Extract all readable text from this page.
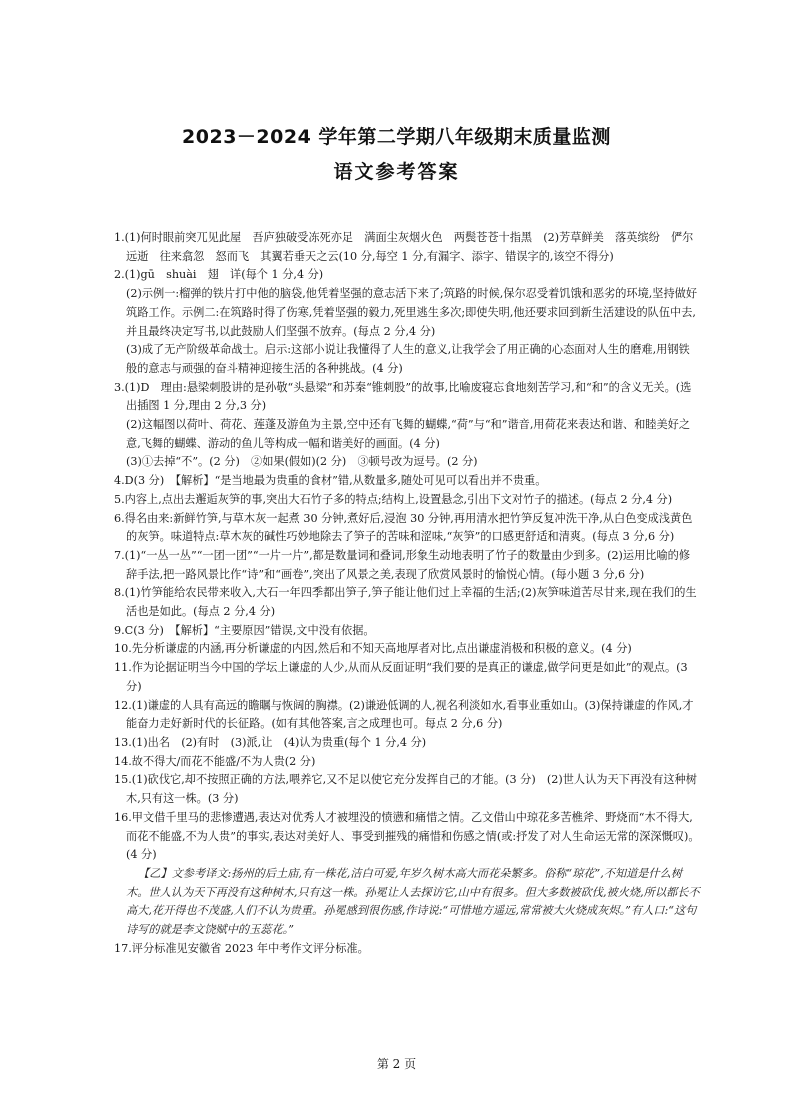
2023－2024 学年第二学期八年级期末质量监测
语文参考答案

1.(1)何时眼前突兀见此屋　吾庐独破受冻死亦足　满面尘灰烟火色　两鬓苍苍十指黑　(2)芳草鲜美　落英缤纷　俨尔远逝　往来翕忽　怒而飞　其翼若垂天之云(10 分,每空 1 分,有漏字、添字、错误字的,该空不得分)

2.(1)gū　shuài　翅　详(每个 1 分,4 分)

(2)示例一:榴弹的铁片打中他的脑袋,他凭着坚强的意志活下来了;筑路的时候,保尔忍受着饥饿和恶劣的环境,坚持做好筑路工作。示例二:在筑路时得了伤寒,凭着坚强的毅力,死里逃生多次;即使失明,他还要求回到新生活建设的队伍中去,并且最终决定写书,以此鼓励人们坚强不放弃。(每点 2 分,4 分)

(3)成了无产阶级革命战士。启示:这部小说让我懂得了人生的意义,让我学会了用正确的心态面对人生的磨难,用钢铁般的意志与顽强的奋斗精神迎接生活的各种挑战。(4 分)

3.(1)D　理由:悬梁刺股讲的是孙敬“头悬梁”和苏秦“锥刺股”的故事,比喻废寝忘食地刻苦学习,和“和”的含义无关。(选出插图 1 分,理由 2 分,3 分)

(2)这幅图以荷叶、荷花、莲蓬及游鱼为主景,空中还有飞舞的蝴蝶,“荷”与“和”谐音,用荷花来表达和谐、和睦美好之意,飞舞的蝴蝶、游动的鱼儿等构成一幅和谐美好的画面。(4 分)

(3)①去掉“不”。(2 分)　②如果(假如)(2 分)　③顿号改为逗号。(2 分)

4.D(3 分)　【解析】“是当地最为贵重的食材”错,从数量多,随处可见可以看出并不贵重。

5.内容上,点出去邂逅灰笋的事,突出大石竹子多的特点;结构上,设置悬念,引出下文对竹子的描述。(每点 2 分,4 分)

6.得名由来:新鲜竹笋,与草木灰一起煮 30 分钟,煮好后,浸泡 30 分钟,再用清水把竹笋反复冲洗干净,从白色变成浅黄色的灰笋。味道特点:草木灰的碱性巧妙地除去了笋子的苦味和涩味,“灰笋”的口感更舒适和清爽。(每点 3 分,6 分)

7.(1)“一丛一丛”“一团一团”“一片一片”,都是数量词和叠词,形象生动地表明了竹子的数量由少到多。(2)运用比喻的修辞手法,把一路风景比作“诗”和“画卷”,突出了风景之美,表现了欣赏风景时的愉悦心情。(每小题 3 分,6 分)

8.(1)竹笋能给农民带来收入,大石一年四季都出笋子,笋子能让他们过上幸福的生活;(2)灰笋味道苦尽甘来,现在我们的生活也是如此。(每点 2 分,4 分)

9.C(3 分)　【解析】“主要原因”错误,文中没有依据。

10.先分析谦虚的内涵,再分析谦虚的内因,然后和不知天高地厚者对比,点出谦虚消极和积极的意义。(4 分)

11.作为论据证明当今中国的学坛上谦虚的人少,从而从反面证明“我们要的是真正的谦虚,做学问更是如此”的观点。(3 分)

12.(1)谦虚的人具有高远的瞻瞩与恢阔的胸襟。(2)谦逊低调的人,视名利淡如水,看事业重如山。(3)保持谦虚的作风,才能奋力走好新时代的长征路。(如有其他答案,言之成理也可。每点 2 分,6 分)

13.(1)出名　(2)有时　(3)派,让　(4)认为贵重(每个 1 分,4 分)

14.故不得大/而花不能盛/不为人贵(2 分)

15.(1)砍伐它,却不按照正确的方法,喂养它,又不足以使它充分发挥自己的才能。(3 分)　(2)世人认为天下再没有这种树木,只有这一株。(3 分)

16.甲文借千里马的悲惨遭遇,表达对优秀人才被埋没的愤懑和痛惜之情。乙文借山中琼花多苦樵斧、野烧而“木不得大,而花不能盛,不为人贵”的事实,表达对美好人、事受到摧残的痛惜和伤感之情(或:抒发了对人生命运无常的深深慨叹)。(4 分)

【乙】文参考译文:扬州的后土庙,有一株花,洁白可爱,年岁久树木高大而花朵繁多。俗称“琼花”,不知道是什么树木。世人认为天下再没有这种树木,只有这一株。孙冕让人去探访它,山中有很多。但大多数被砍伐,被火烧,所以都长不高大,花开得也不茂盛,人们不认为贵重。孙冕感到很伤感,作诗说:“可惜地方遥远,常常被大火烧成灰烬。”有人口:“这句诗写的就是李文饶赋中的玉蕊花。”

17.评分标准见安徽省 2023 年中考作文评分标准。

第 2 页
